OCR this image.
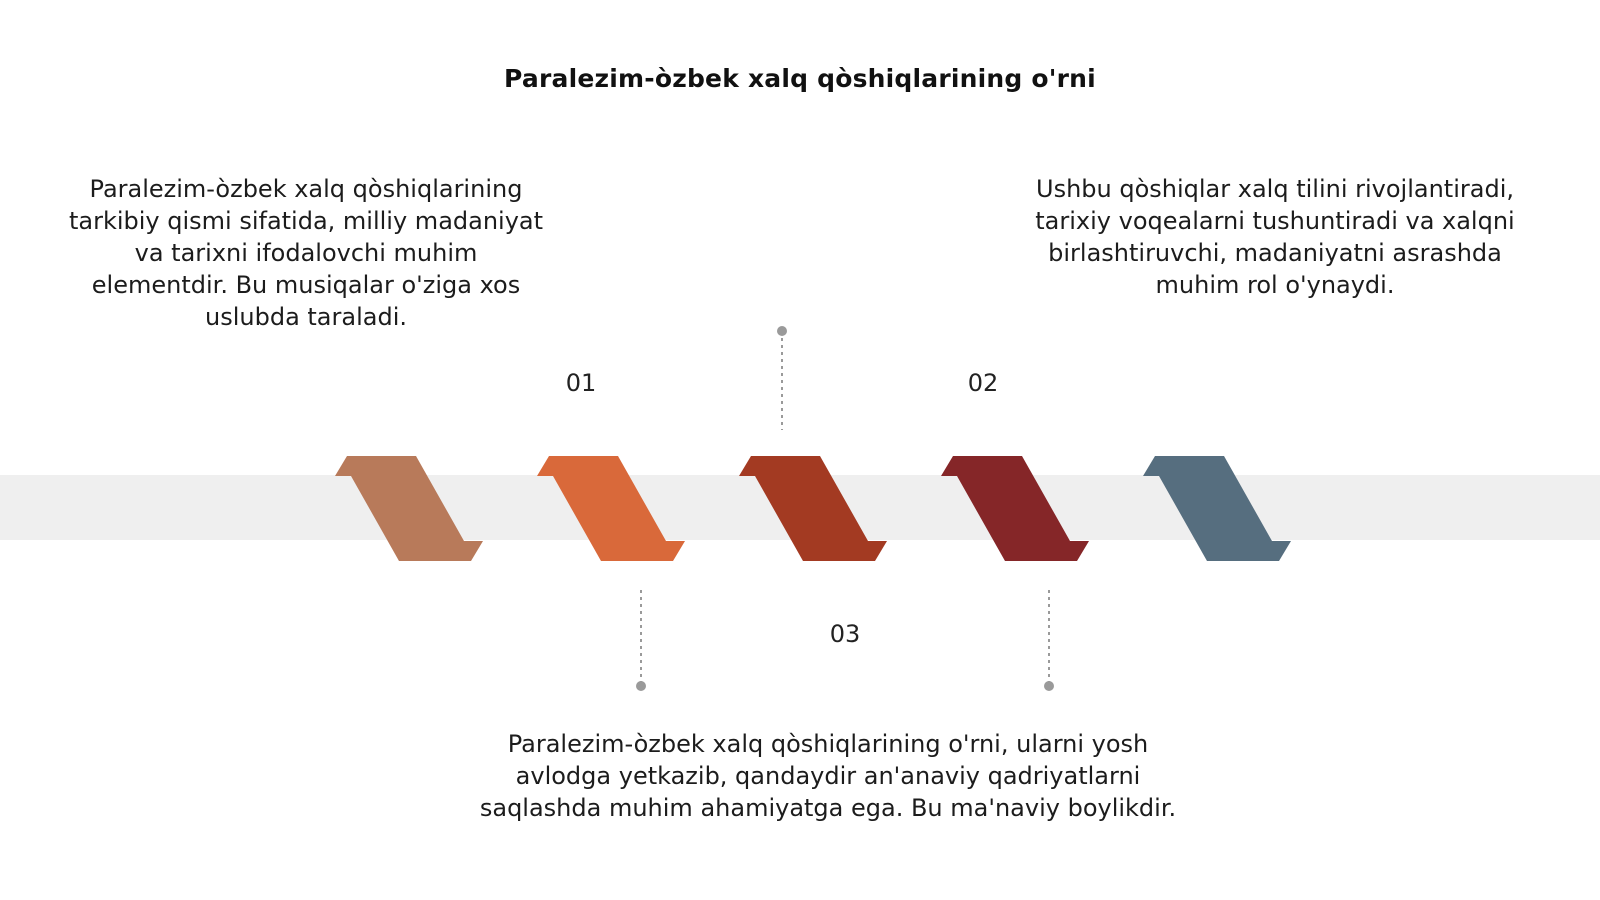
Paralezim-òzbek xalq qòshiqlarining o'rni
Paralezim-òzbek xalq qòshiqlarining tarkibiy qismi sifatida, milliy madaniyat va tarixni ifodalovchi muhim elementdir. Bu musiqalar o'ziga xos uslubda taraladi.
Ushbu qòshiqlar xalq tilini rivojlantiradi, tarixiy voqealarni tushuntiradi va xalqni birlashtiruvchi, madaniyatni asrashda muhim rol o'ynaydi.
Paralezim-òzbek xalq qòshiqlarining o'rni, ularni yosh avlodga yetkazib, qandaydir an'anaviy qadriyatlarni saqlashda muhim ahamiyatga ega. Bu ma'naviy boylikdir.
01	02
03
